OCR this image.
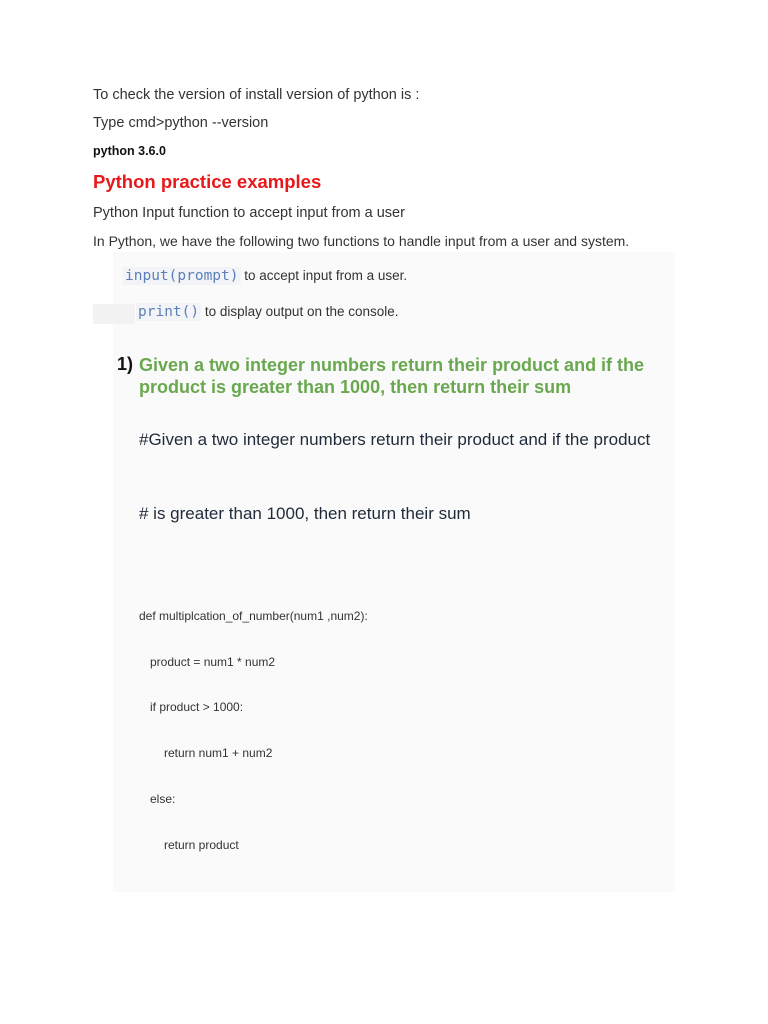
To check the version of install version of python is :
Type cmd>python --version
python 3.6.0
Python practice examples
Python Input function to accept input from a user
In Python, we have the following two functions to handle input from a user and system.
input(prompt) to accept input from a user.
print() to display output on the console.
1) Given a two integer numbers return their product and if the product is greater than 1000, then return their sum
#Given a two integer numbers return their product and if the product
# is greater than 1000, then return their sum
def multiplcation_of_number(num1 ,num2):
product = num1 * num2
if product > 1000:
return num1 + num2
else:
return product
